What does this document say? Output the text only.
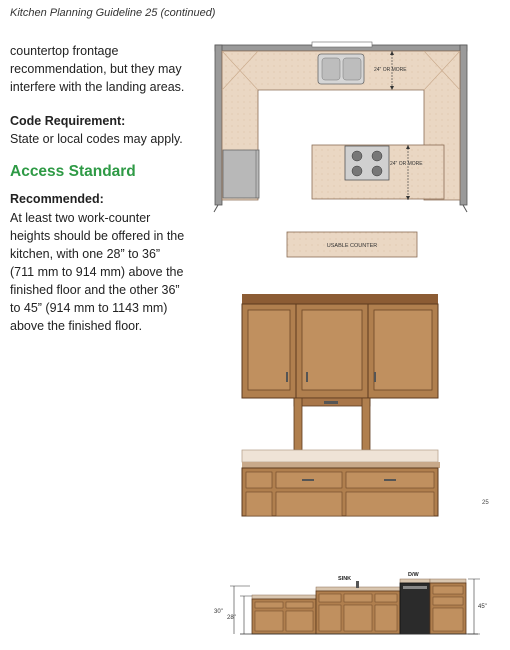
Kitchen Planning Guideline 25 (continued)
countertop frontage
recommendation, but they may
interfere with the landing areas.
Code Requirement:
State or local codes may apply.
Access Standard
Recommended:
At least two work-counter
heights should be offered in the
kitchen, with one 28” to 36”
(711 mm to 914 mm) above the
finished floor and the other 36”
to 45” (914 mm to 1143 mm)
above the finished floor.
24" OR MORE
24" OR MORE
USABLE COUNTER
25
30"
28"
SINK
D/W
45"
